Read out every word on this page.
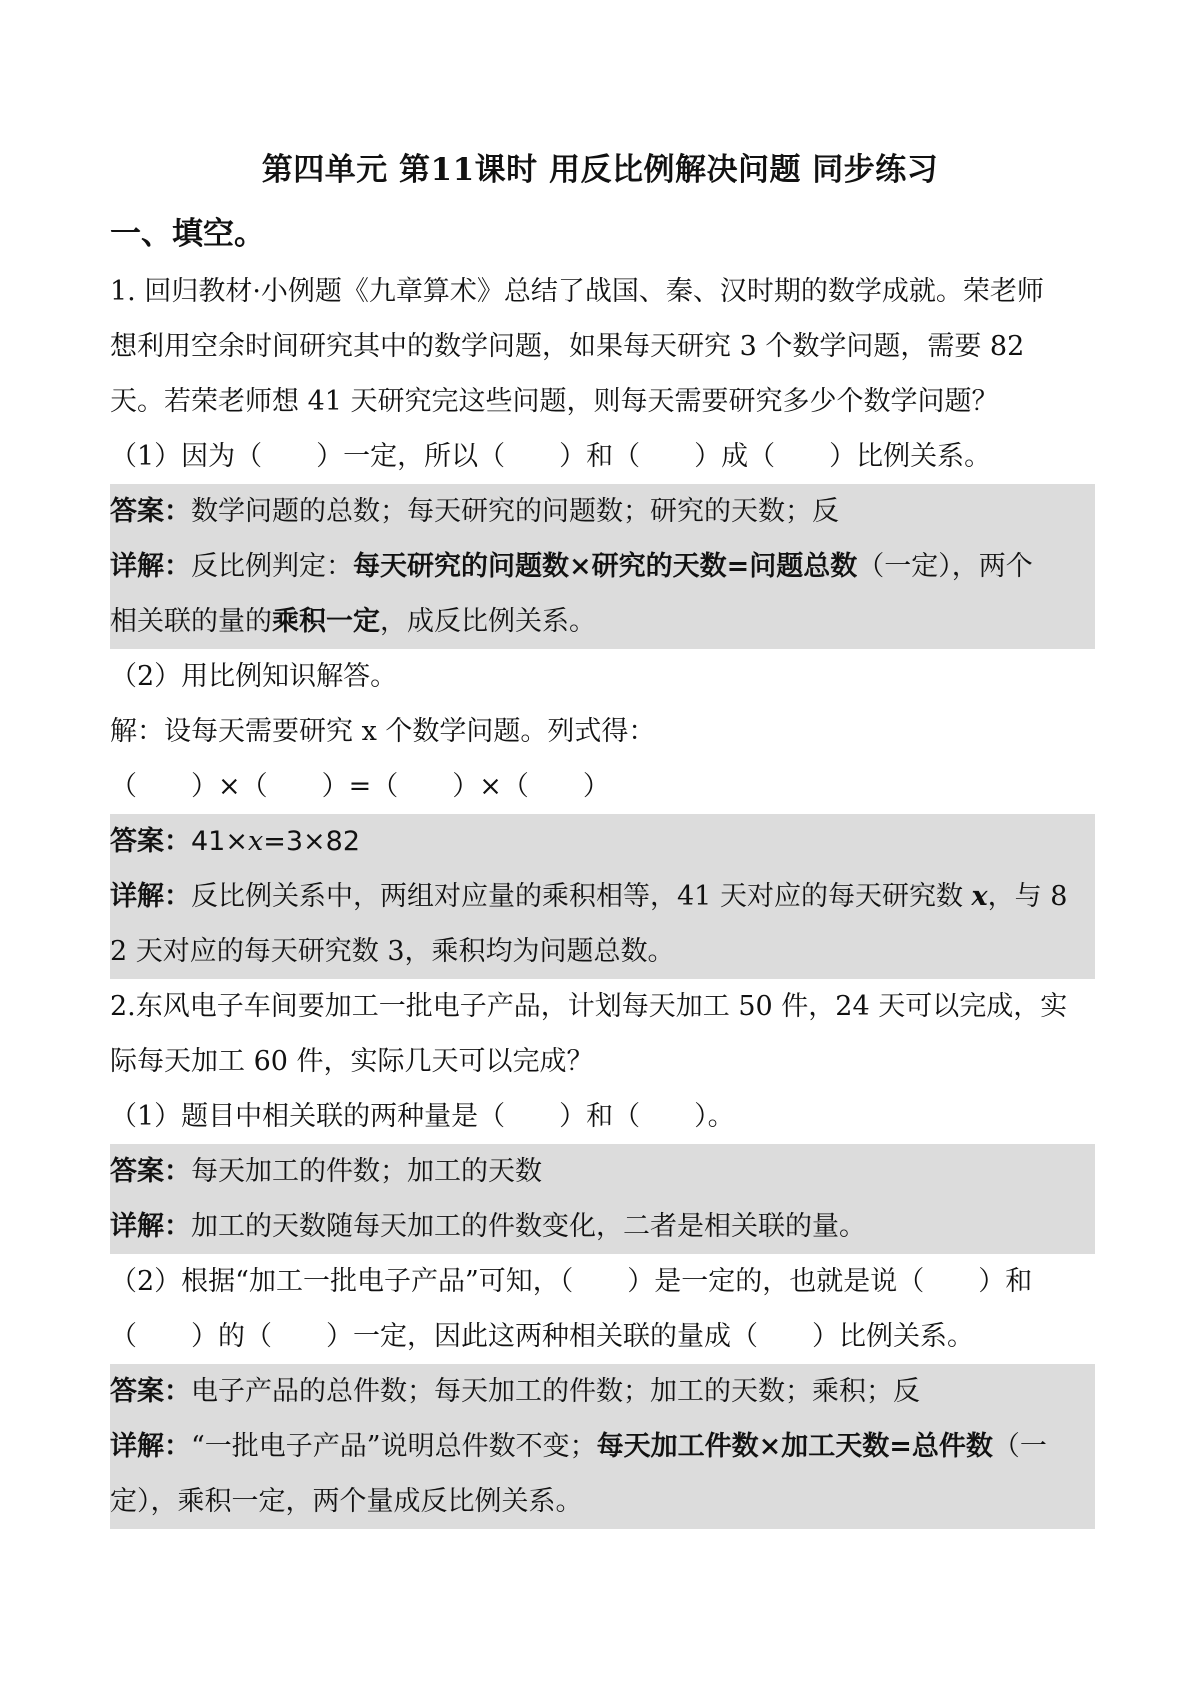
第四单元 第11课时 用反比例解决问题 同步练习
一、填空。
1. 回归教材·小例题《九章算术》总结了战国、秦、汉时期的数学成就。荣老师
想利用空余时间研究其中的数学问题，如果每天研究 3 个数学问题，需要 82
天。若荣老师想 41 天研究完这些问题，则每天需要研究多少个数学问题？
（1）因为（　　）一定，所以（　　）和（　　）成（　　）比例关系。
答案：数学问题的总数；每天研究的问题数；研究的天数；反
详解：反比例判定：每天研究的问题数×研究的天数=问题总数（一定），两个
相关联的量的乘积一定，成反比例关系。
（2）用比例知识解答。
解：设每天需要研究 x 个数学问题。列式得：
（　　）×（　　）=（　　）×（　　）
答案：41×x=3×82
详解：反比例关系中，两组对应量的乘积相等，41 天对应的每天研究数 x，与 8
2 天对应的每天研究数 3，乘积均为问题总数。
2.东风电子车间要加工一批电子产品，计划每天加工 50 件，24 天可以完成，实
际每天加工 60 件，实际几天可以完成？
（1）题目中相关联的两种量是（　　）和（　　）。
答案：每天加工的件数；加工的天数
详解：加工的天数随每天加工的件数变化，二者是相关联的量。
（2）根据“加工一批电子产品”可知，（　　）是一定的，也就是说（　　）和
（　　）的（　　）一定，因此这两种相关联的量成（　　）比例关系。
答案：电子产品的总件数；每天加工的件数；加工的天数；乘积；反
详解：“一批电子产品”说明总件数不变；每天加工件数×加工天数=总件数（一
定），乘积一定，两个量成反比例关系。
